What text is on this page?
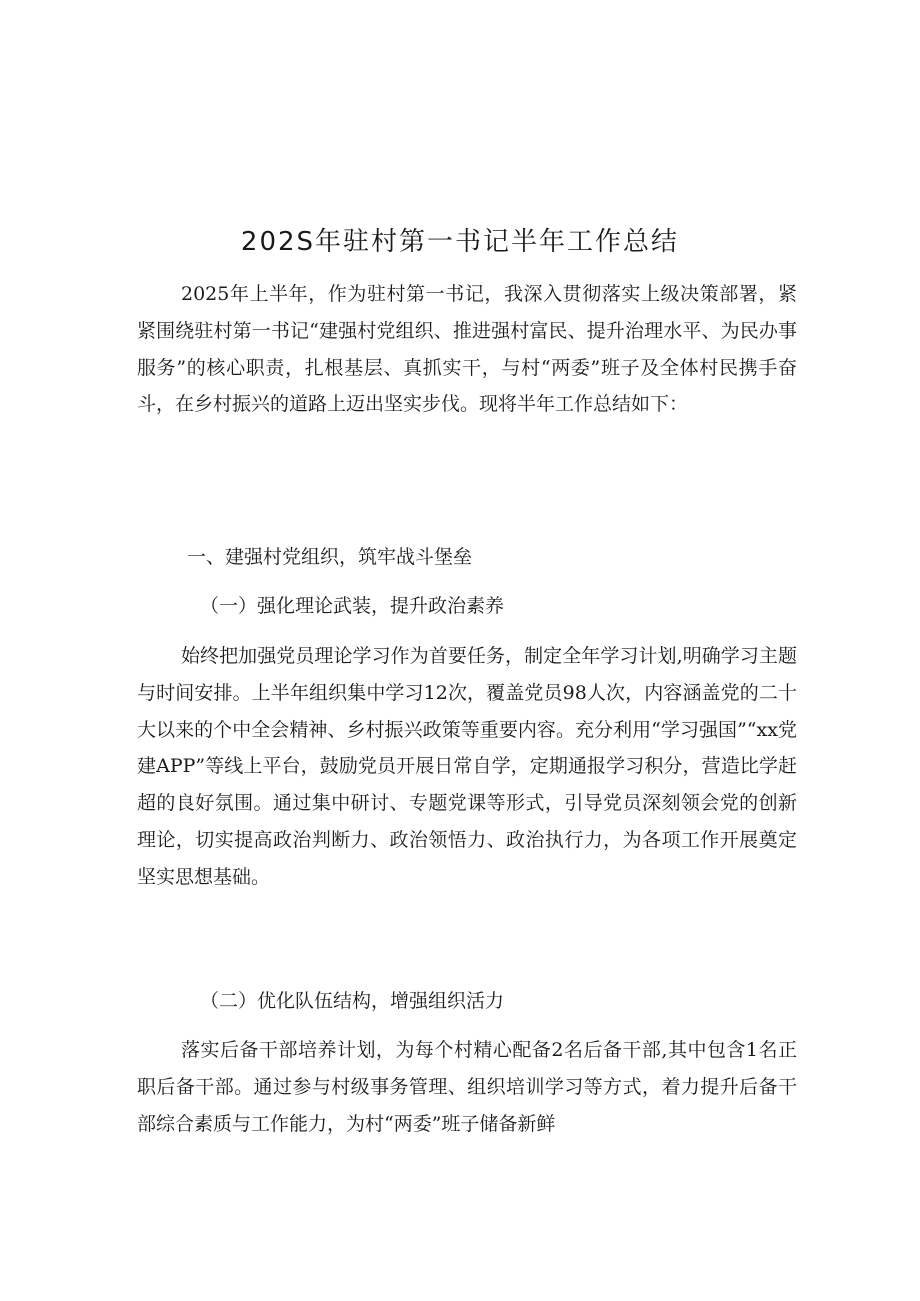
202S年驻村第一书记半年工作总结

2025年上半年，作为驻村第一书记，我深入贯彻落实上级决策部署，紧紧围绕驻村第一书记“建强村党组织、推进强村富民、提升治理水平、为民办事服务”的核心职责，扎根基层、真抓实干，与村“两委”班子及全体村民携手奋斗，在乡村振兴的道路上迈出坚实步伐。现将半年工作总结如下：

一、建强村党组织，筑牢战斗堡垒
（一）强化理论武装，提升政治素养

始终把加强党员理论学习作为首要任务，制定全年学习计划,明确学习主题与时间安排。上半年组织集中学习12次，覆盖党员98人次，内容涵盖党的二十大以来的个中全会精神、乡村振兴政策等重要内容。充分利用“学习强国”“xx党建APP”等线上平台，鼓励党员开展日常自学，定期通报学习积分，营造比学赶超的良好氛围。通过集中研讨、专题党课等形式，引导党员深刻领会党的创新理论，切实提高政治判断力、政治领悟力、政治执行力，为各项工作开展奠定坚实思想基础。

（二）优化队伍结构，增强组织活力

落实后备干部培养计划，为每个村精心配备2名后备干部,其中包含1名正职后备干部。通过参与村级事务管理、组织培训学习等方式，着力提升后备干部综合素质与工作能力，为村“两委”班子储备新鲜
